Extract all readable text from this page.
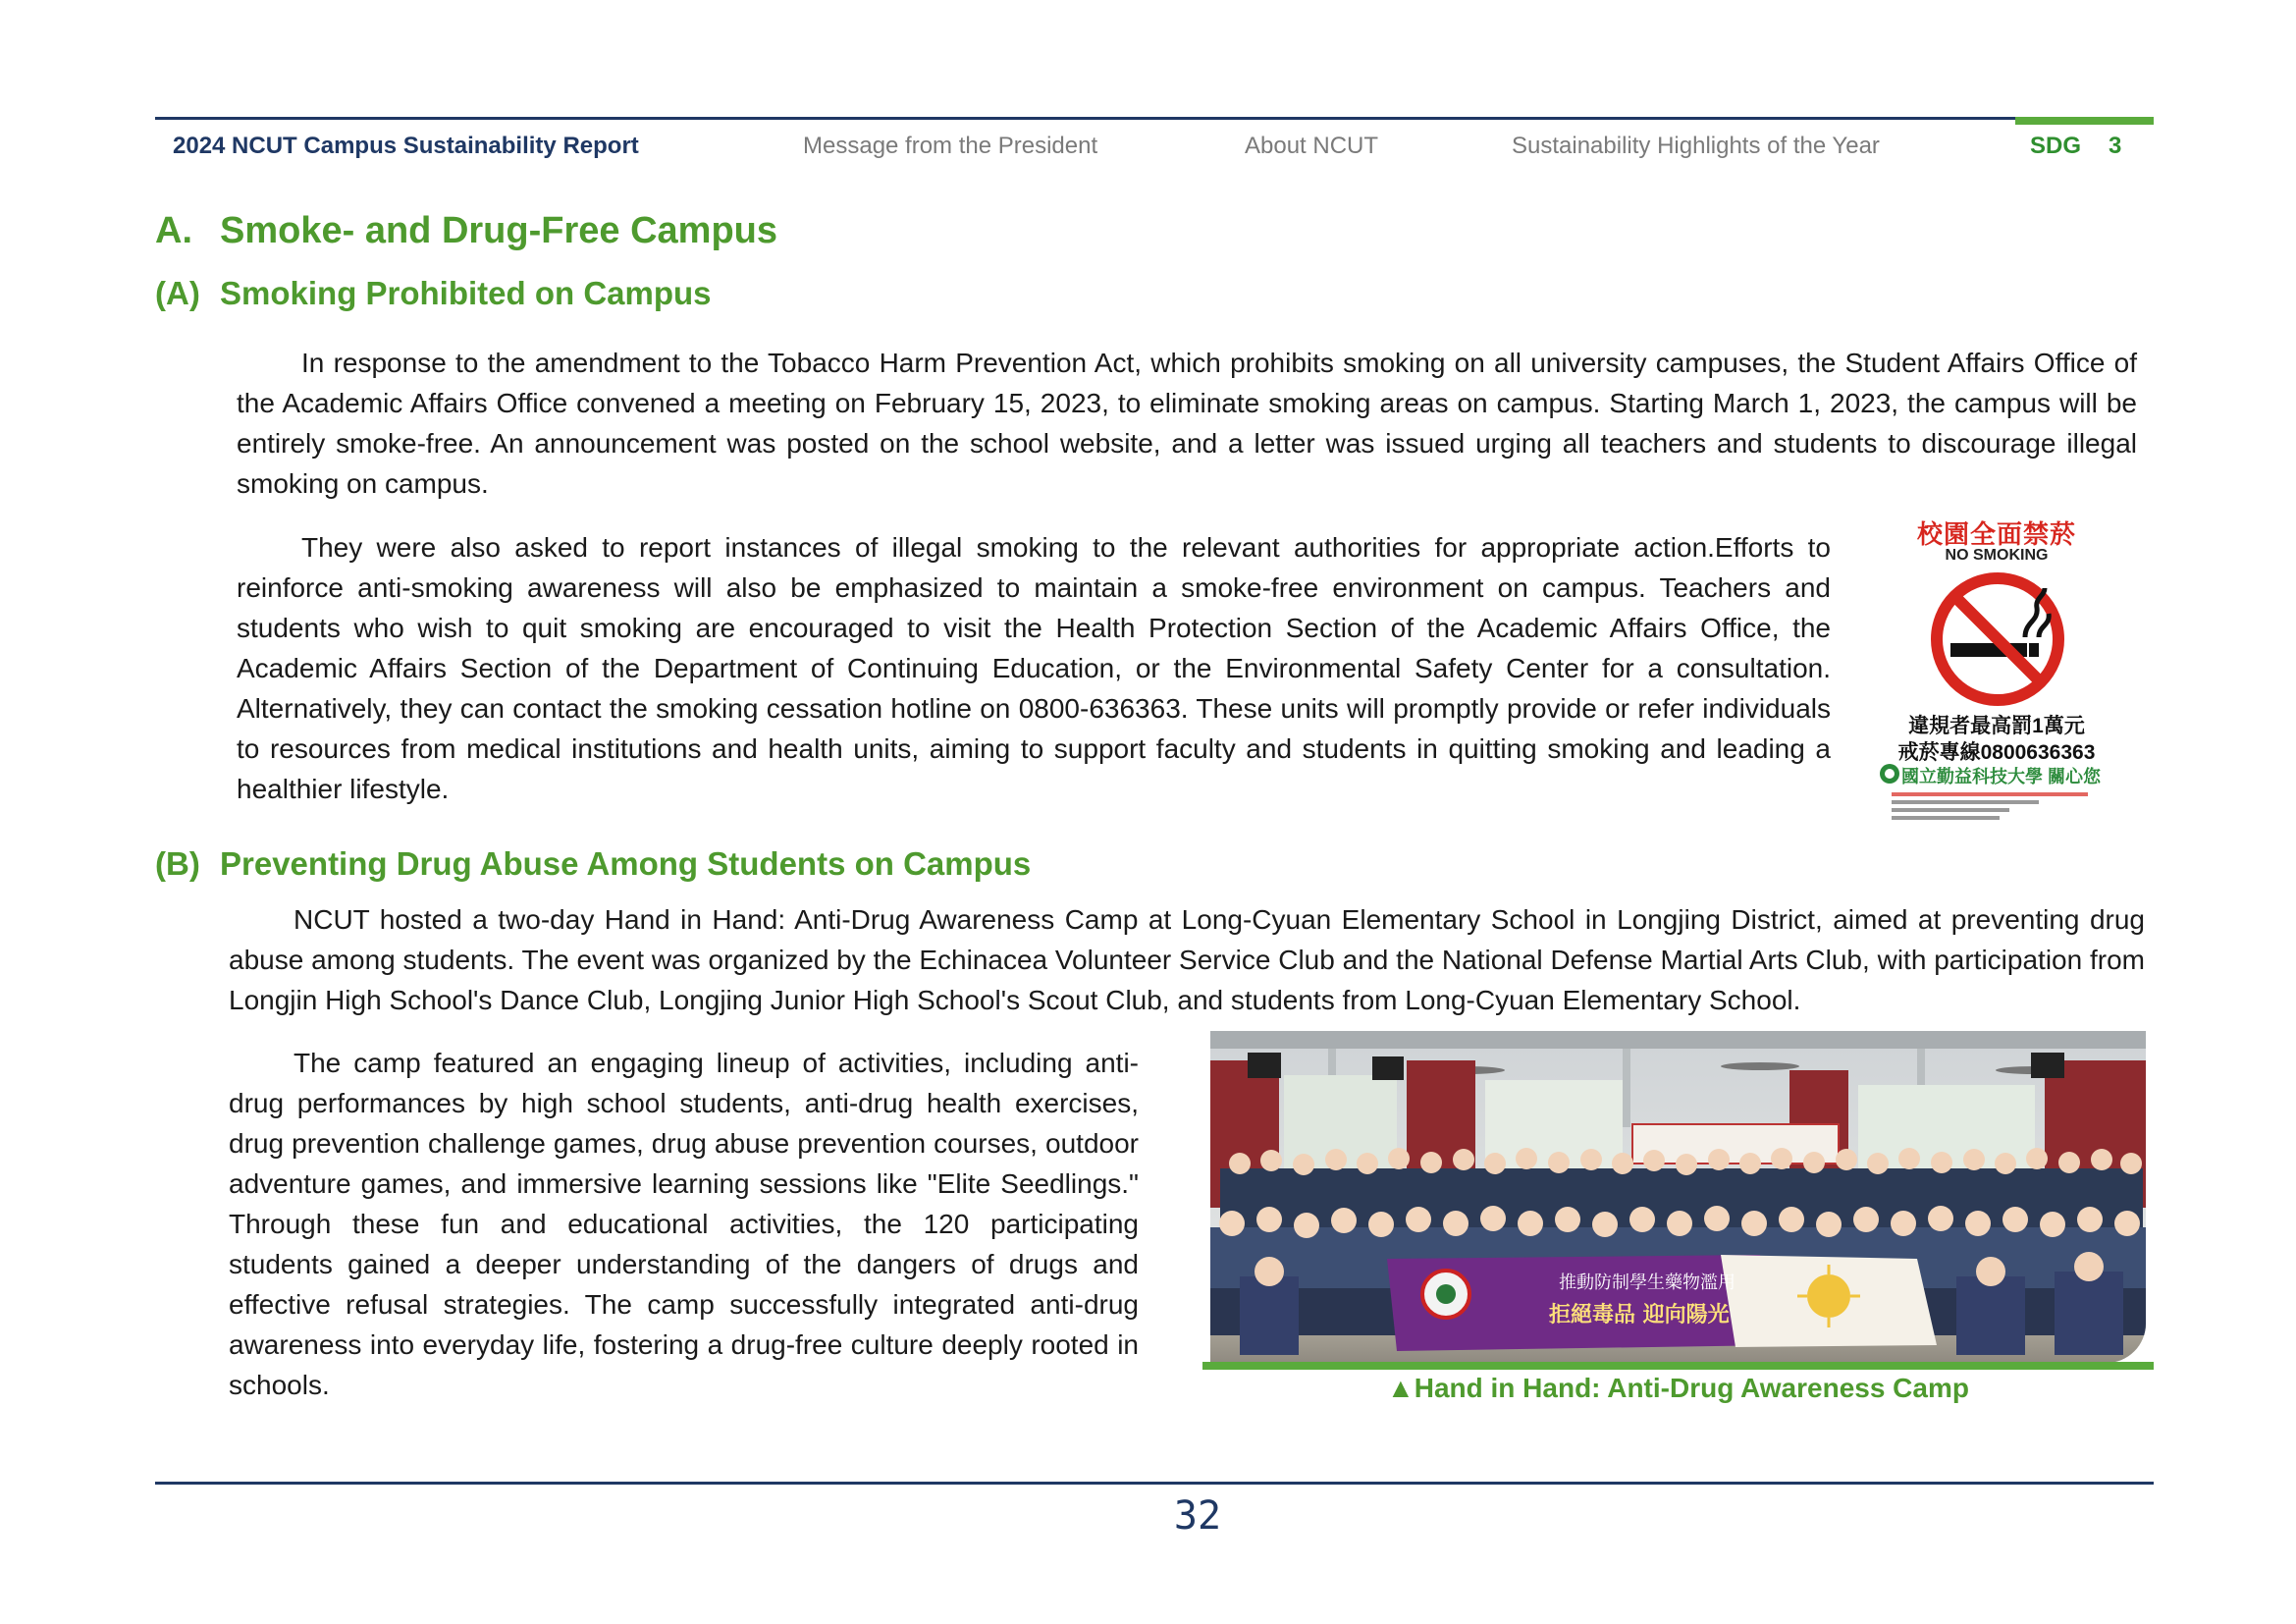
2024 NCUT Campus Sustainability Report	Message from the President	About NCUT	Sustainability Highlights of the Year	SDG 3
A. Smoke- and Drug-Free Campus
(A) Smoking Prohibited on Campus

In response to the amendment to the Tobacco Harm Prevention Act, which prohibits smoking on all university campuses, the Student Affairs Office of the Academic Affairs Office convened a meeting on February 15, 2023, to eliminate smoking areas on campus. Starting March 1, 2023, the campus will be entirely smoke-free. An announcement was posted on the school website, and a letter was issued urging all teachers and students to discourage illegal smoking on campus.

They were also asked to report instances of illegal smoking to the relevant authorities for appropriate action.Efforts to reinforce anti-smoking awareness will also be emphasized to maintain a smoke-free environment on campus. Teachers and students who wish to quit smoking are encouraged to visit the Health Protection Section of the Academic Affairs Office, the Academic Affairs Section of the Department of Continuing Education, or the Environmental Safety Center for a consultation. Alternatively, they can contact the smoking cessation hotline on 0800-636363. These units will promptly provide or refer individuals to resources from medical institutions and health units, aiming to support faculty and students in quitting smoking and leading a healthier lifestyle.

校園全面禁菸
NO SMOKING
違規者最高罰1萬元
戒菸專線0800636363
國立勤益科技大學 關心您
(B) Preventing Drug Abuse Among Students on Campus

NCUT hosted a two-day Hand in Hand: Anti-Drug Awareness Camp at Long-Cyuan Elementary School in Longjing District, aimed at preventing drug abuse among students. The event was organized by the Echinacea Volunteer Service Club and the National Defense Martial Arts Club, with participation from Longjin High School's Dance Club, Longjing Junior High School's Scout Club, and students from Long-Cyuan Elementary School.

The camp featured an engaging lineup of activities, including anti-drug performances by high school students, anti-drug health exercises, drug prevention challenge games, drug abuse prevention courses, outdoor adventure games, and immersive learning sessions like "Elite Seedlings." Through these fun and educational activities, the 120 participating students gained a deeper understanding of the dangers of drugs and effective refusal strategies. The camp successfully integrated anti-drug awareness into everyday life, fostering a drug-free culture deeply rooted in schools.

推動防制學生藥物濫用
拒絕毒品 迎向陽光
▲Hand in Hand: Anti-Drug Awareness Camp
32
